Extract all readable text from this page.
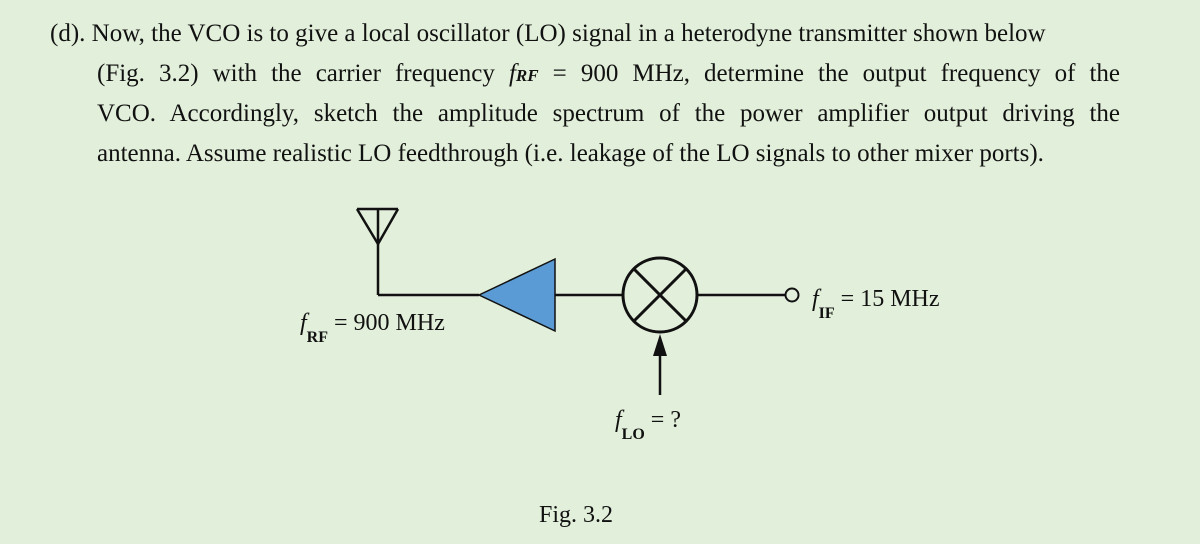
(d). Now, the VCO is to give a local oscillator (LO) signal in a heterodyne transmitter shown below
(Fig. 3.2) with the carrier frequency fRF = 900 MHz, determine the output frequency of the
VCO. Accordingly, sketch the amplitude spectrum of the power amplifier output driving the
antenna. Assume realistic LO feedthrough (i.e. leakage of the LO signals to other mixer ports).
$f_{RF} = 900$ MHz
$f_{IF} = 15$ MHz
$f_{LO}$ = ?
Fig. 3.2
